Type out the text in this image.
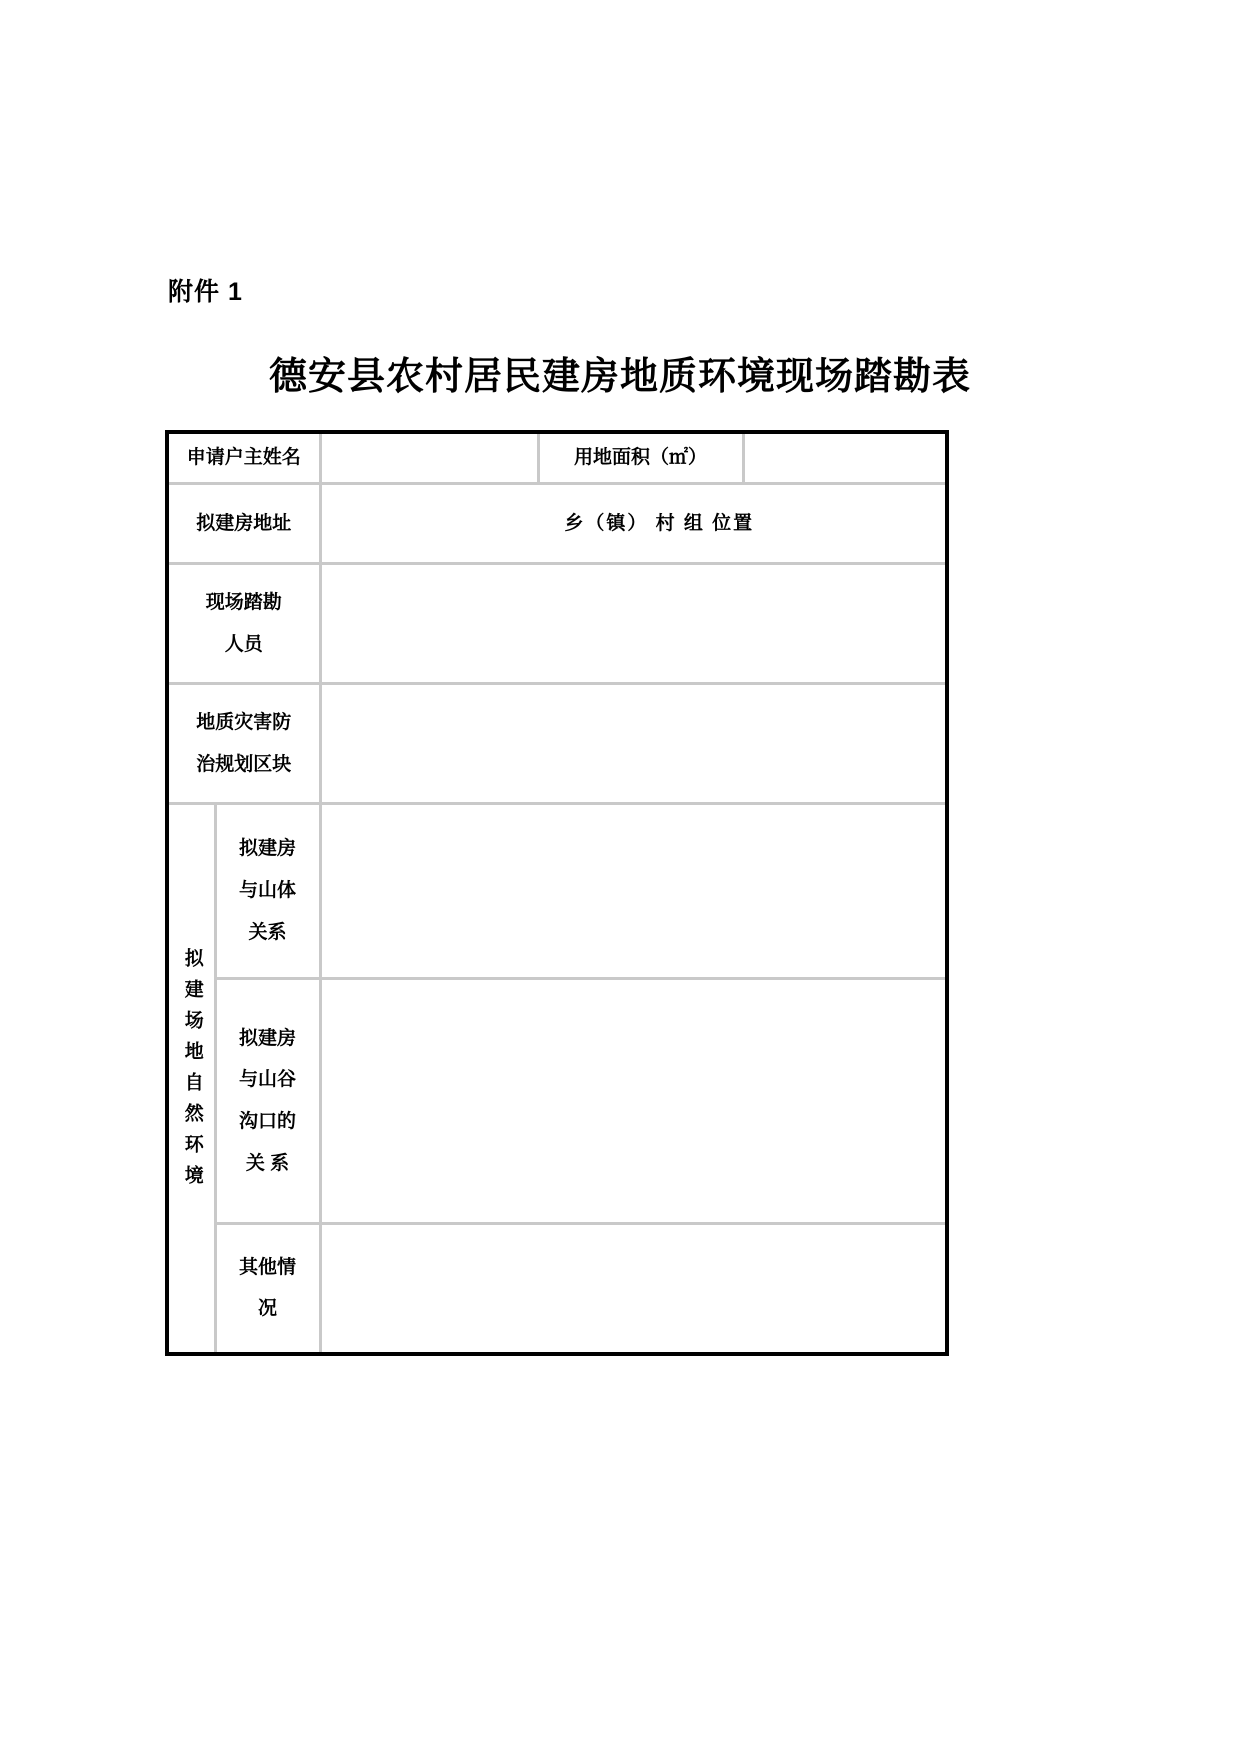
附件 1
德安县农村居民建房地质环境现场踏勘表
申请户主姓名			用地面积（㎡）	

拟建房地址		乡（镇） 村 组 位置		

现场踏勘
人员				

地质灾害防
治规划区块				

拟建场地自然环境	拟建房
与山体
关系			

	拟建房
与山谷
沟口的
关 系			

	其他情
况			
